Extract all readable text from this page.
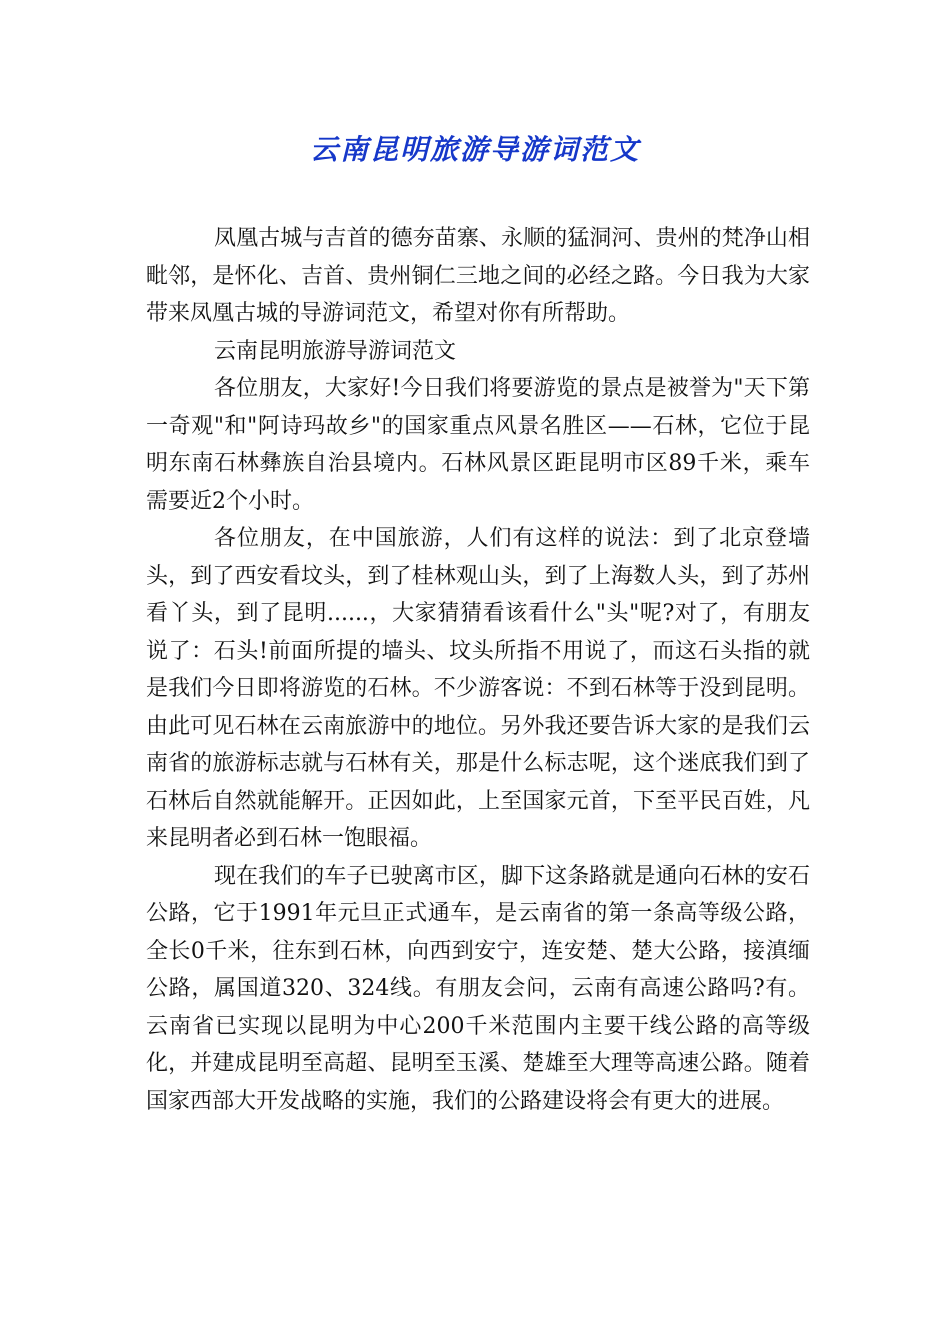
云南昆明旅游导游词范文

凤凰古城与吉首的德夯苗寨、永顺的猛洞河、贵州的梵净山相毗邻，是怀化、吉首、贵州铜仁三地之间的必经之路。今日我为大家带来凤凰古城的导游词范文，希望对你有所帮助。

云南昆明旅游导游词范文

各位朋友，大家好!今日我们将要游览的景点是被誉为"天下第一奇观"和"阿诗玛故乡"的国家重点风景名胜区——石林，它位于昆明东南石林彝族自治县境内。石林风景区距昆明市区89千米，乘车需要近2个小时。

各位朋友，在中国旅游，人们有这样的说法：到了北京登墙头，到了西安看坟头，到了桂林观山头，到了上海数人头，到了苏州看丫头，到了昆明......，大家猜猜看该看什么"头"呢?对了，有朋友说了：石头!前面所提的墙头、坟头所指不用说了，而这石头指的就是我们今日即将游览的石林。不少游客说：不到石林等于没到昆明。由此可见石林在云南旅游中的地位。另外我还要告诉大家的是我们云南省的旅游标志就与石林有关，那是什么标志呢，这个迷底我们到了石林后自然就能解开。正因如此，上至国家元首，下至平民百姓，凡来昆明者必到石林一饱眼福。

现在我们的车子已驶离市区，脚下这条路就是通向石林的安石公路，它于1991年元旦正式通车，是云南省的第一条高等级公路，全长0千米，往东到石林，向西到安宁，连安楚、楚大公路，接滇缅公路，属国道320、324线。有朋友会问，云南有高速公路吗?有。云南省已实现以昆明为中心200千米范围内主要干线公路的高等级化，并建成昆明至高超、昆明至玉溪、楚雄至大理等高速公路。随着国家西部大开发战略的实施，我们的公路建设将会有更大的进展。
